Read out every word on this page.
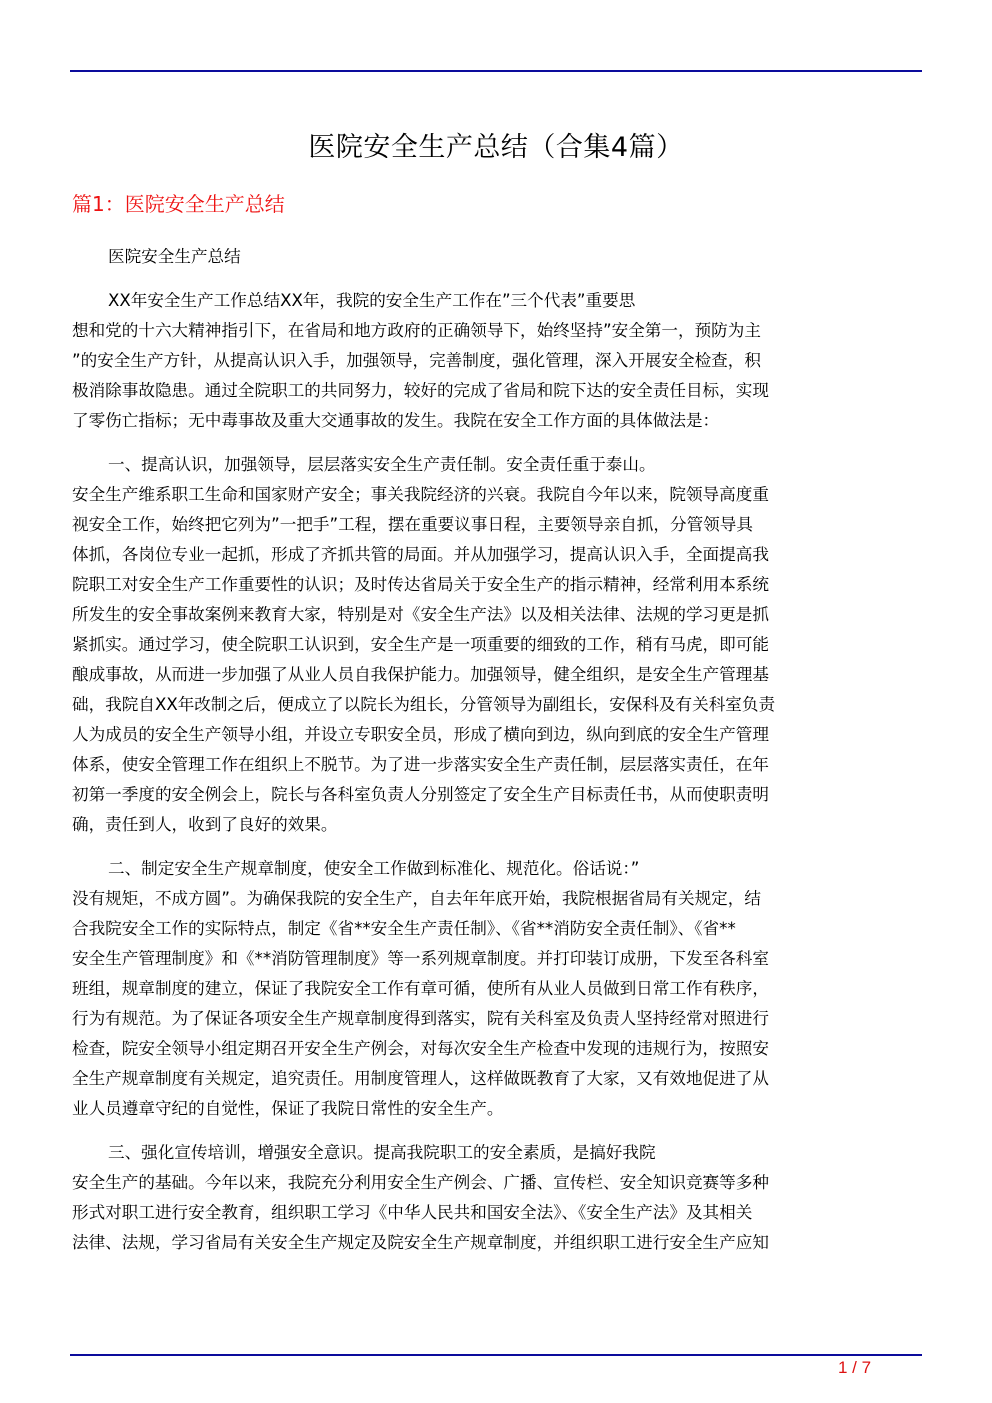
医院安全生产总结（合集4篇）
篇1：医院安全生产总结

医院安全生产总结

XX年安全生产工作总结XX年，我院的安全生产工作在”三个代表”重要思
想和党的十六大精神指引下，在省局和地方政府的正确领导下，始终坚持”安全第一，预防为主
”的安全生产方针，从提高认识入手，加强领导，完善制度，强化管理，深入开展安全检查，积
极消除事故隐患。通过全院职工的共同努力，较好的完成了省局和院下达的安全责任目标，实现
了零伤亡指标；无中毒事故及重大交通事故的发生。我院在安全工作方面的具体做法是：

一、提高认识，加强领导，层层落实安全生产责任制。安全责任重于泰山。
安全生产维系职工生命和国家财产安全；事关我院经济的兴衰。我院自今年以来，院领导高度重
视安全工作，始终把它列为”一把手”工程，摆在重要议事日程，主要领导亲自抓，分管领导具
体抓，各岗位专业一起抓，形成了齐抓共管的局面。并从加强学习，提高认识入手，全面提高我
院职工对安全生产工作重要性的认识；及时传达省局关于安全生产的指示精神，经常利用本系统
所发生的安全事故案例来教育大家，特别是对《安全生产法》以及相关法律、法规的学习更是抓
紧抓实。通过学习，使全院职工认识到，安全生产是一项重要的细致的工作，稍有马虎，即可能
酿成事故，从而进一步加强了从业人员自我保护能力。加强领导，健全组织，是安全生产管理基
础，我院自XX年改制之后，便成立了以院长为组长，分管领导为副组长，安保科及有关科室负责
人为成员的安全生产领导小组，并设立专职安全员，形成了横向到边，纵向到底的安全生产管理
体系，使安全管理工作在组织上不脱节。为了进一步落实安全生产责任制，层层落实责任，在年
初第一季度的安全例会上，院长与各科室负责人分别签定了安全生产目标责任书，从而使职责明
确，责任到人，收到了良好的效果。

二、制定安全生产规章制度，使安全工作做到标准化、规范化。俗话说：”
没有规矩，不成方圆”。为确保我院的安全生产，自去年年底开始，我院根据省局有关规定，结
合我院安全工作的实际特点，制定《省**安全生产责任制》、《省**消防安全责任制》、《省**
安全生产管理制度》和《**消防管理制度》等一系列规章制度。并打印装订成册，下发至各科室
班组，规章制度的建立，保证了我院安全工作有章可循，使所有从业人员做到日常工作有秩序，
行为有规范。为了保证各项安全生产规章制度得到落实，院有关科室及负责人坚持经常对照进行
检查，院安全领导小组定期召开安全生产例会，对每次安全生产检查中发现的违规行为，按照安
全生产规章制度有关规定，追究责任。用制度管理人，这样做既教育了大家，又有效地促进了从
业人员遵章守纪的自觉性，保证了我院日常性的安全生产。

三、强化宣传培训，增强安全意识。提高我院职工的安全素质，是搞好我院
安全生产的基础。今年以来，我院充分利用安全生产例会、广播、宣传栏、安全知识竞赛等多种
形式对职工进行安全教育，组织职工学习《中华人民共和国安全法》、《安全生产法》及其相关
法律、法规，学习省局有关安全生产规定及院安全生产规章制度，并组织职工进行安全生产应知

1 / 7
